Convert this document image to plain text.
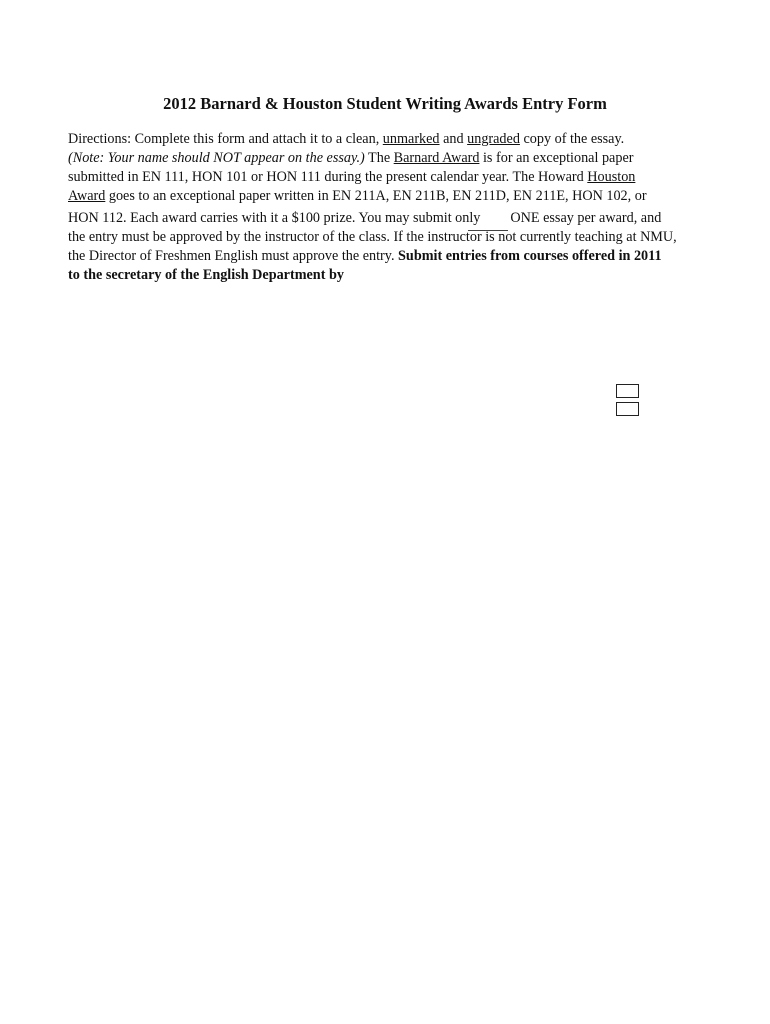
2012 Barnard & Houston Student Writing Awards Entry Form
Directions: Complete this form and attach it to a clean, unmarked and ungraded copy of the essay.
(Note: Your name should NOT appear on the essay.) The Barnard Award is for an exceptional paper
submitted in EN 111, HON 101 or HON 111 during the present calendar year. The Howard Houston
Award goes to an exceptional paper written in EN 211A, EN 211B, EN 211D, EN 211E, HON 102, or
HON 112. Each award carries with it a $100 prize. You may submit only ONE essay per award, and
the entry must be approved by the instructor of the class. If the instructor is not currently teaching at NMU,
the Director of Freshmen English must approve the entry. Submit entries from courses offered in 2011
to the secretary of the English Department by
